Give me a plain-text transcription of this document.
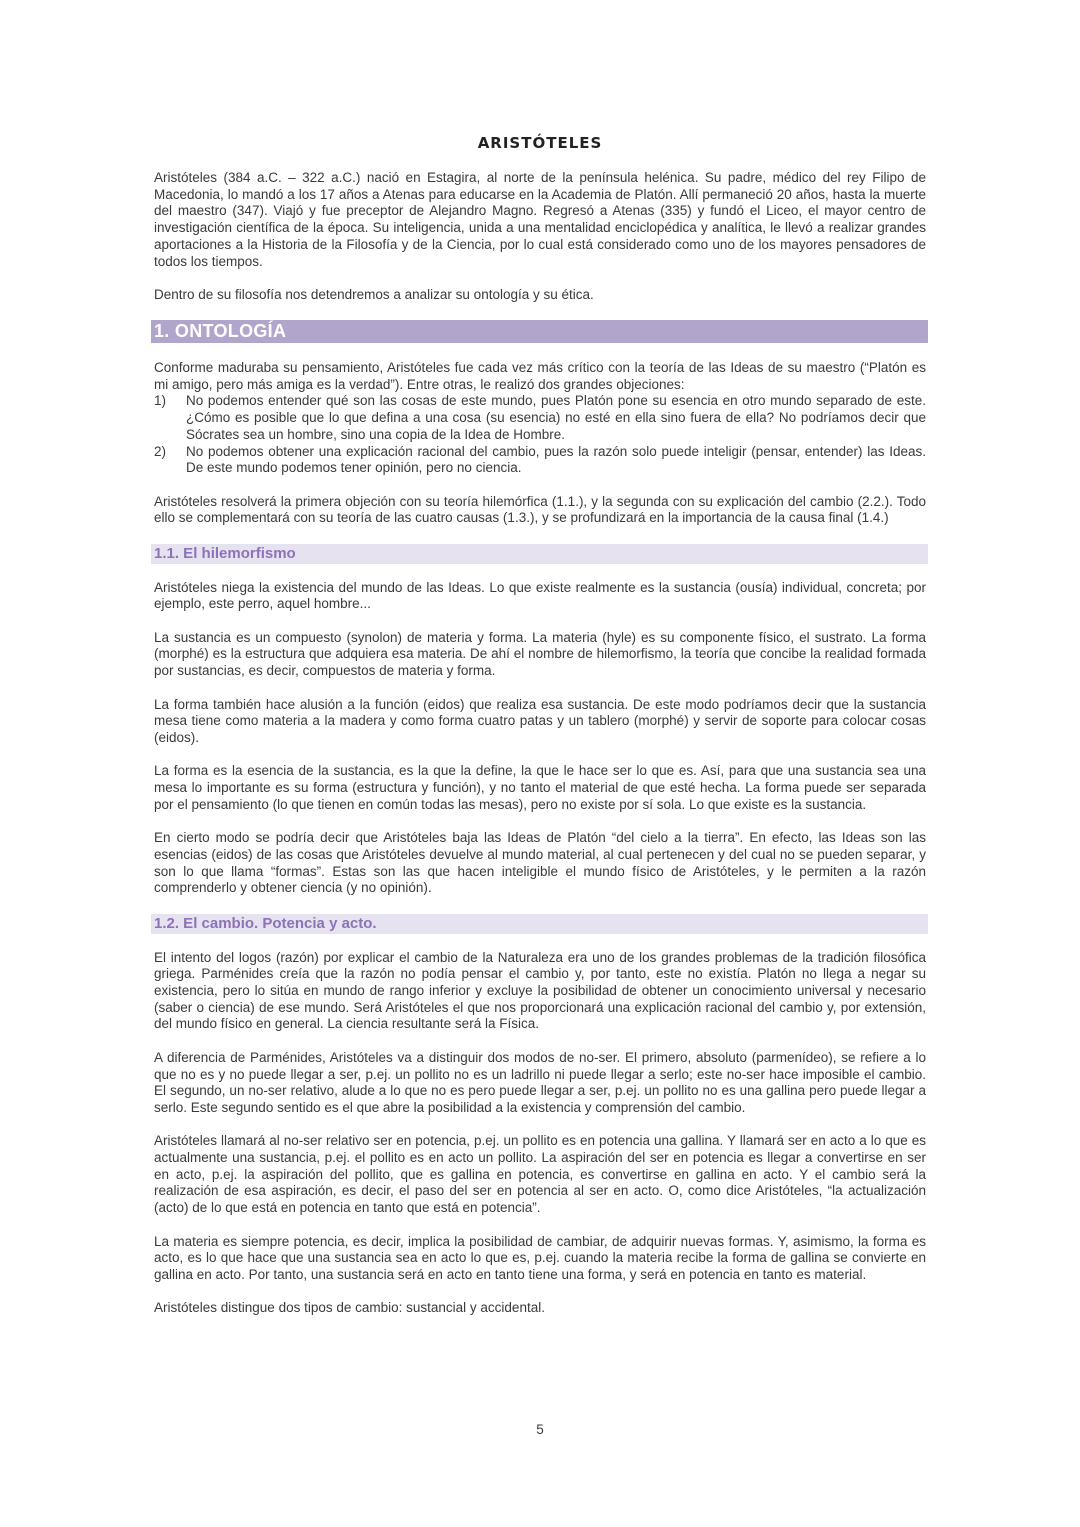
ARISTÓTELES

Aristóteles (384 a.C. – 322 a.C.) nació en Estagira, al norte de la península helénica. Su padre, médico del rey Filipo de Macedonia, lo mandó a los 17 años a Atenas para educarse en la Academia de Platón. Allí permaneció 20 años, hasta la muerte del maestro (347). Viajó y fue preceptor de Alejandro Magno. Regresó a Atenas (335) y fundó el Liceo, el mayor centro de investigación científica de la época. Su inteligencia, unida a una mentalidad enciclopédica y analítica, le llevó a realizar grandes aportaciones a la Historia de la Filosofía y de la Ciencia, por lo cual está considerado como uno de los mayores pensadores de todos los tiempos.

Dentro de su filosofía nos detendremos a analizar su ontología y su ética.

1. ONTOLOGÍA

Conforme maduraba su pensamiento, Aristóteles fue cada vez más crítico con la teoría de las Ideas de su maestro (“Platón es mi amigo, pero más amiga es la verdad”). Entre otras, le realizó dos grandes objeciones:

1)	No podemos entender qué son las cosas de este mundo, pues Platón pone su esencia en otro mundo separado de este. ¿Cómo es posible que lo que defina a una cosa (su esencia) no esté en ella sino fuera de ella? No podríamos decir que Sócrates sea un hombre, sino una copia de la Idea de Hombre.
2)	No podemos obtener una explicación racional del cambio, pues la razón solo puede inteligir (pensar, entender) las Ideas. De este mundo podemos tener opinión, pero no ciencia.

Aristóteles resolverá la primera objeción con su teoría hilemórfica (1.1.), y la segunda con su explicación del cambio (2.2.). Todo ello se complementará con su teoría de las cuatro causas (1.3.), y se profundizará en la importancia de la causa final (1.4.)

1.1. El hilemorfismo

Aristóteles niega la existencia del mundo de las Ideas. Lo que existe realmente es la sustancia (ousía) individual, concreta; por ejemplo, este perro, aquel hombre...

La sustancia es un compuesto (synolon) de materia y forma. La materia (hyle) es su componente físico, el sustrato. La forma (morphé) es la estructura que adquiera esa materia. De ahí el nombre de hilemorfismo, la teoría que concibe la realidad formada por sustancias, es decir, compuestos de materia y forma.

La forma también hace alusión a la función (eidos) que realiza esa sustancia. De este modo podríamos decir que la sustancia mesa tiene como materia a la madera y como forma cuatro patas y un tablero (morphé) y servir de soporte para colocar cosas (eidos).

La forma es la esencia de la sustancia, es la que la define, la que le hace ser lo que es. Así, para que una sustancia sea una mesa lo importante es su forma (estructura y función), y no tanto el material de que esté hecha. La forma puede ser separada por el pensamiento (lo que tienen en común todas las mesas), pero no existe por sí sola. Lo que existe es la sustancia.

En cierto modo se podría decir que Aristóteles baja las Ideas de Platón “del cielo a la tierra”. En efecto, las Ideas son las esencias (eidos) de las cosas que Aristóteles devuelve al mundo material, al cual pertenecen y del cual no se pueden separar, y son lo que llama “formas”. Estas son las que hacen inteligible el mundo físico de Aristóteles, y le permiten a la razón comprenderlo y obtener ciencia (y no opinión).

1.2. El cambio. Potencia y acto.

El intento del logos (razón) por explicar el cambio de la Naturaleza era uno de los grandes problemas de la tradición filosófica griega. Parménides creía que la razón no podía pensar el cambio y, por tanto, este no existía. Platón no llega a negar su existencia, pero lo sitúa en mundo de rango inferior y excluye la posibilidad de obtener un conocimiento universal y necesario (saber o ciencia) de ese mundo. Será Aristóteles el que nos proporcionará una explicación racional del cambio y, por extensión, del mundo físico en general. La ciencia resultante será la Física.

A diferencia de Parménides, Aristóteles va a distinguir dos modos de no-ser. El primero, absoluto (parmenídeo), se refiere a lo que no es y no puede llegar a ser, p.ej. un pollito no es un ladrillo ni puede llegar a serlo; este no-ser hace imposible el cambio. El segundo, un no-ser relativo, alude a lo que no es pero puede llegar a ser, p.ej. un pollito no es una gallina pero puede llegar a serlo. Este segundo sentido es el que abre la posibilidad a la existencia y comprensión del cambio.

Aristóteles llamará al no-ser relativo ser en potencia, p.ej. un pollito es en potencia una gallina. Y llamará ser en acto a lo que es actualmente una sustancia, p.ej. el pollito es en acto un pollito. La aspiración del ser en potencia es llegar a convertirse en ser en acto, p.ej. la aspiración del pollito, que es gallina en potencia, es convertirse en gallina en acto. Y el cambio será la realización de esa aspiración, es decir, el paso del ser en potencia al ser en acto. O, como dice Aristóteles, “la actualización (acto) de lo que está en potencia en tanto que está en potencia”.

La materia es siempre potencia, es decir, implica la posibilidad de cambiar, de adquirir nuevas formas. Y, asimismo, la forma es acto, es lo que hace que una sustancia sea en acto lo que es, p.ej. cuando la materia recibe la forma de gallina se convierte en gallina en acto. Por tanto, una sustancia será en acto en tanto tiene una forma, y será en potencia en tanto es material.

Aristóteles distingue dos tipos de cambio: sustancial y accidental.

5
